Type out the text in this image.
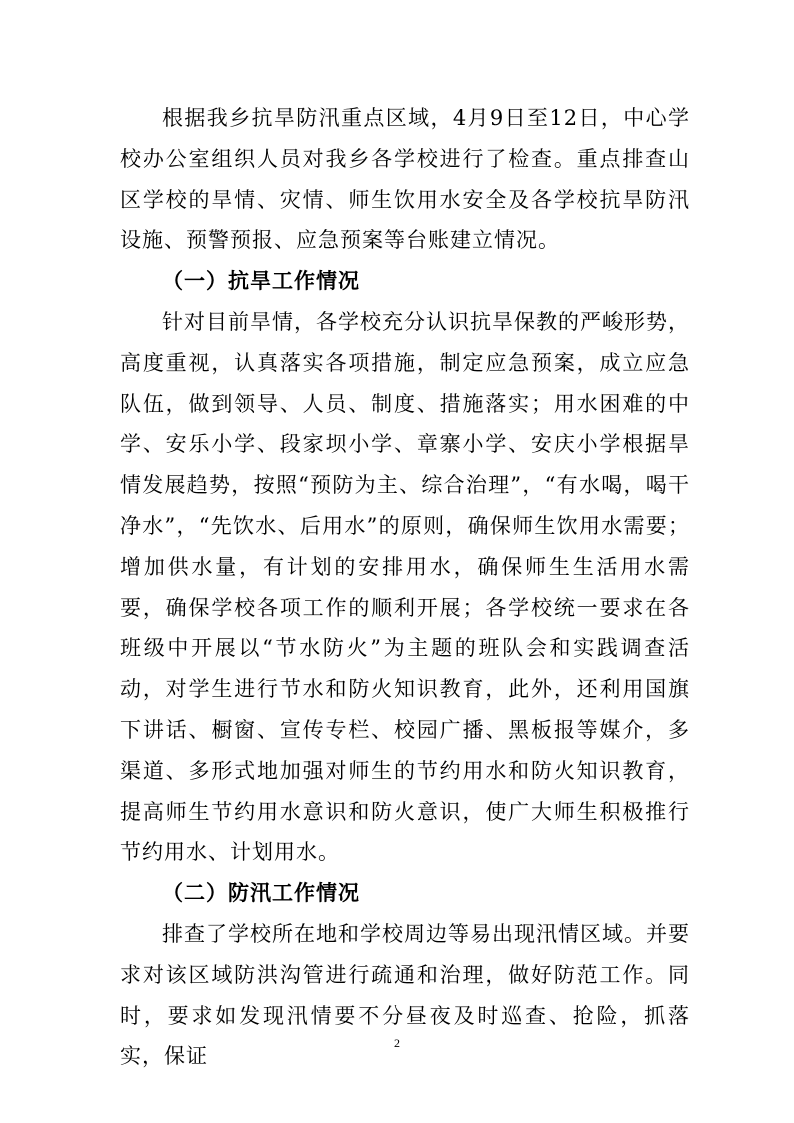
根据我乡抗旱防汛重点区域，4月9日至12日，中心学校办公室组织人员对我乡各学校进行了检查。重点排查山区学校的旱情、灾情、师生饮用水安全及各学校抗旱防汛设施、预警预报、应急预案等台账建立情况。

（一）抗旱工作情况

针对目前旱情，各学校充分认识抗旱保教的严峻形势，高度重视，认真落实各项措施，制定应急预案，成立应急队伍，做到领导、人员、制度、措施落实；用水困难的中学、安乐小学、段家坝小学、章寨小学、安庆小学根据旱情发展趋势，按照“预防为主、综合治理”，“有水喝，喝干净水”，“先饮水、后用水”的原则，确保师生饮用水需要；增加供水量，有计划的安排用水，确保师生生活用水需要，确保学校各项工作的顺利开展；各学校统一要求在各班级中开展以“节水防火”为主题的班队会和实践调查活动，对学生进行节水和防火知识教育，此外，还利用国旗下讲话、橱窗、宣传专栏、校园广播、黑板报等媒介，多渠道、多形式地加强对师生的节约用水和防火知识教育，提高师生节约用水意识和防火意识，使广大师生积极推行节约用水、计划用水。

（二）防汛工作情况

排查了学校所在地和学校周边等易出现汛情区域。并要求对该区域防洪沟管进行疏通和治理，做好防范工作。同时，要求如发现汛情要不分昼夜及时巡查、抢险，抓落实，保证

2
